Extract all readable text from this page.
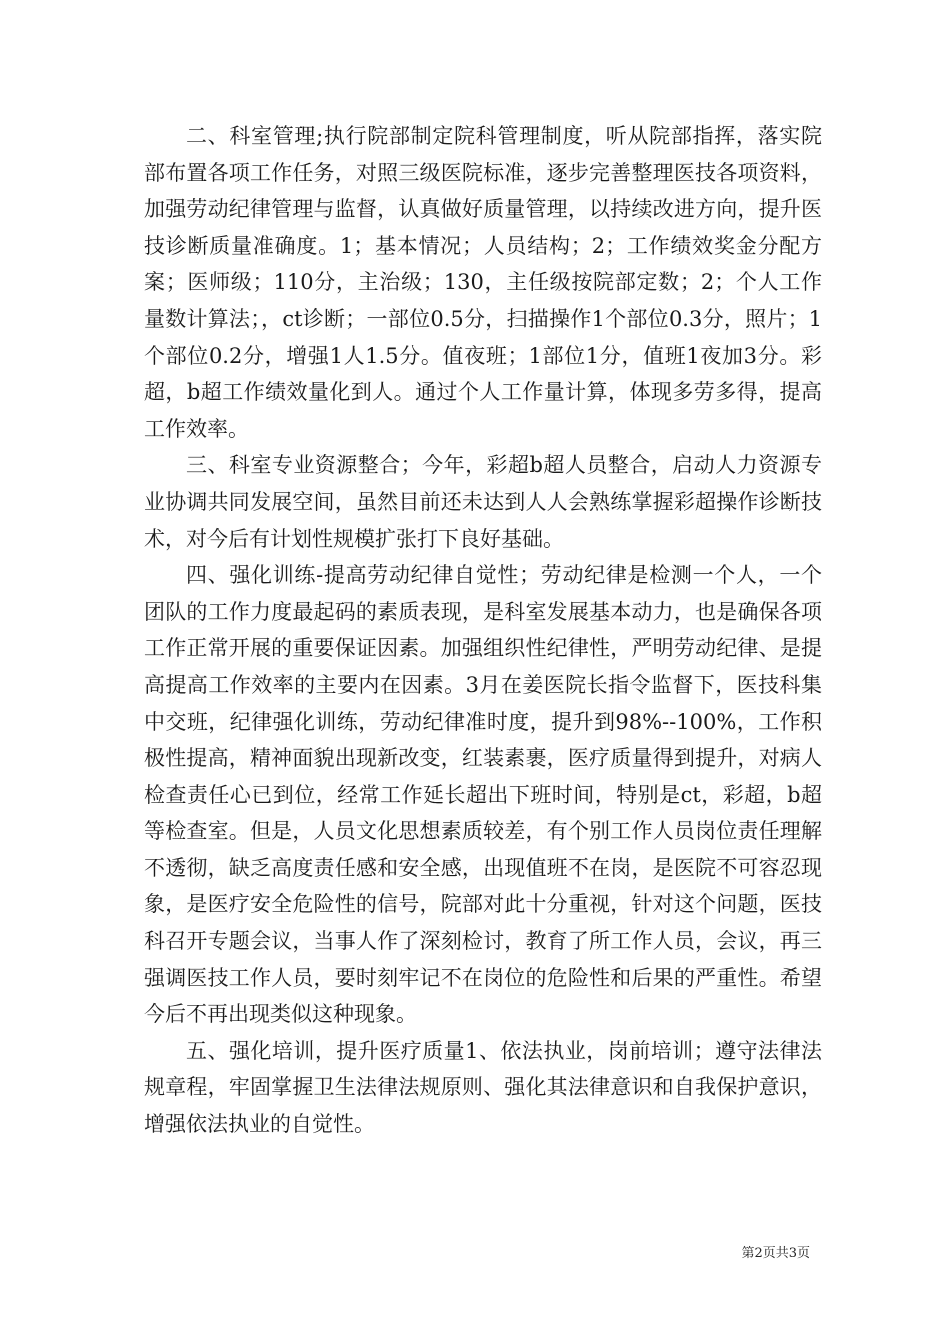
二、科室管理;执行院部制定院科管理制度，听从院部指挥，落实院部布置各项工作任务，对照三级医院标准，逐步完善整理医技各项资料，加强劳动纪律管理与监督，认真做好质量管理，以持续改进方向，提升医技诊断质量准确度。1；基本情况；人员结构；2；工作绩效奖金分配方案；医师级；110分，主治级；130，主任级按院部定数；2；个人工作量数计算法；，ct诊断；一部位0.5分，扫描操作1个部位0.3分，照片；1个部位0.2分，增强1人1.5分。值夜班；1部位1分，值班1夜加3分。彩超，b超工作绩效量化到人。通过个人工作量计算，体现多劳多得，提高工作效率。

三、科室专业资源整合；今年，彩超b超人员整合，启动人力资源专业协调共同发展空间，虽然目前还未达到人人会熟练掌握彩超操作诊断技术，对今后有计划性规模扩张打下良好基础。

四、强化训练-提高劳动纪律自觉性；劳动纪律是检测一个人，一个团队的工作力度最起码的素质表现，是科室发展基本动力，也是确保各项工作正常开展的重要保证因素。加强组织性纪律性，严明劳动纪律、是提高提高工作效率的主要内在因素。3月在姜医院长指令监督下，医技科集中交班，纪律强化训练，劳动纪律准时度，提升到98%--100%，工作积极性提高，精神面貌出现新改变，红装素裹，医疗质量得到提升，对病人检查责任心已到位，经常工作延长超出下班时间，特别是ct，彩超，b超等检查室。但是，人员文化思想素质较差，有个别工作人员岗位责任理解不透彻，缺乏高度责任感和安全感，出现值班不在岗，是医院不可容忍现象，是医疗安全危险性的信号，院部对此十分重视，针对这个问题，医技科召开专题会议，当事人作了深刻检讨，教育了所工作人员，会议，再三强调医技工作人员，要时刻牢记不在岗位的危险性和后果的严重性。希望今后不再出现类似这种现象。

五、强化培训，提升医疗质量1、依法执业，岗前培训；遵守法律法规章程，牢固掌握卫生法律法规原则、强化其法律意识和自我保护意识，增强依法执业的自觉性。

第2页共3页
